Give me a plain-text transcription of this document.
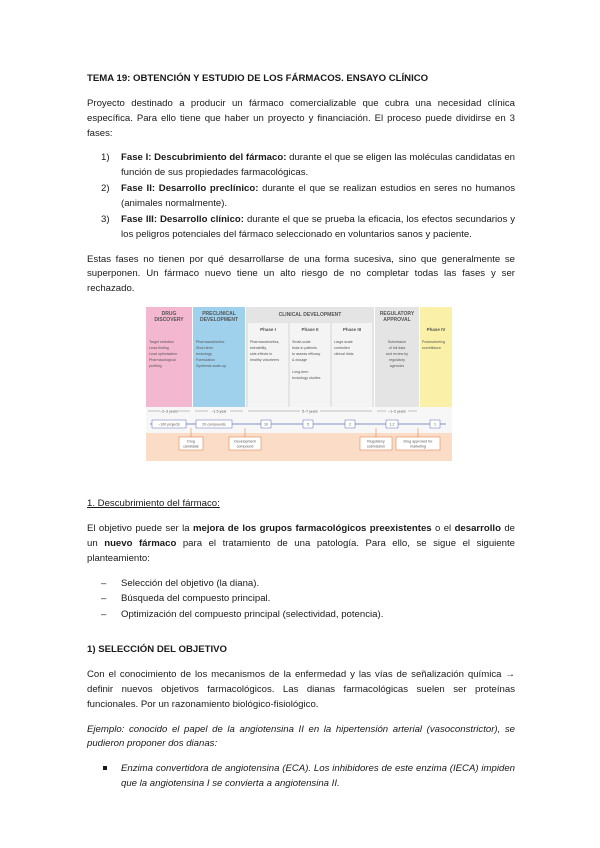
TEMA 19: OBTENCIÓN Y ESTUDIO DE LOS FÁRMACOS. ENSAYO CLÍNICO

Proyecto destinado a producir un fármaco comercializable que cubra una necesidad clínica específica. Para ello tiene que haber un proyecto y financiación. El proceso puede dividirse en 3 fases:

1) Fase I: Descubrimiento del fármaco: durante el que se eligen las moléculas candidatas en función de sus propiedades farmacológicas.
2) Fase II: Desarrollo preclínico: durante el que se realizan estudios en seres no humanos (animales normalmente).
3) Fase III: Desarrollo clínico: durante el que se prueba la eficacia, los efectos secundarios y los peligros potenciales del fármaco seleccionado en voluntarios sanos y paciente.

Estas fases no tienen por qué desarrollarse de una forma sucesiva, sino que generalmente se superponen. Un fármaco nuevo tiene un alto riesgo de no completar todas las fases y ser rechazado.

DRUG
DISCOVERY
PRECLINICAL
DEVELOPMENT
CLINICAL DEVELOPMENT	REGULATORY
APPROVAL
Phase I	Phase II	Phase III	Phase IV
Target selection
Lead-finding
Lead optimisation
Pharmacological
profiling
Pharmacokinetics
Short-term
toxicology
Formulation
Synthesis scale-up
Pharmacokinetics,
tolerability,
side-effects in
healthy volunteers
Small-scale
trials in patients
to assess efficacy
& dosage
Long-term
toxicology studies
Large-scale
controlled
clinical trials
Submission
of full data
and review by
regulatory
agencies
Postmarketing
surveillance
~2–3 years	~1.5 year	5–7 years	~1–2 years
~100 projects	20 compounds	10	5	2	1.2	1
Drug
candidate
Development
compound
Regulatory
submission
Drug approved for
marketing

1. Descubrimiento del fármaco:

El objetivo puede ser la mejora de los grupos farmacológicos preexistentes o el desarrollo de un nuevo fármaco para el tratamiento de una patología. Para ello, se sigue el siguiente planteamiento:

– Selección del objetivo (la diana).
– Búsqueda del compuesto principal.
– Optimización del compuesto principal (selectividad, potencia).

1) SELECCIÓN DEL OBJETIVO

Con el conocimiento de los mecanismos de la enfermedad y las vías de señalización química → definir nuevos objetivos farmacológicos. Las dianas farmacológicas suelen ser proteínas funcionales. Por un razonamiento biológico-fisiológico.

Ejemplo: conocido el papel de la angiotensina II en la hipertensión arterial (vasoconstrictor), se pudieron proponer dos dianas:

Enzima convertidora de angiotensina (ECA). Los inhibidores de este enzima (IECA) impiden que la angiotensina I se convierta a angiotensina II.
